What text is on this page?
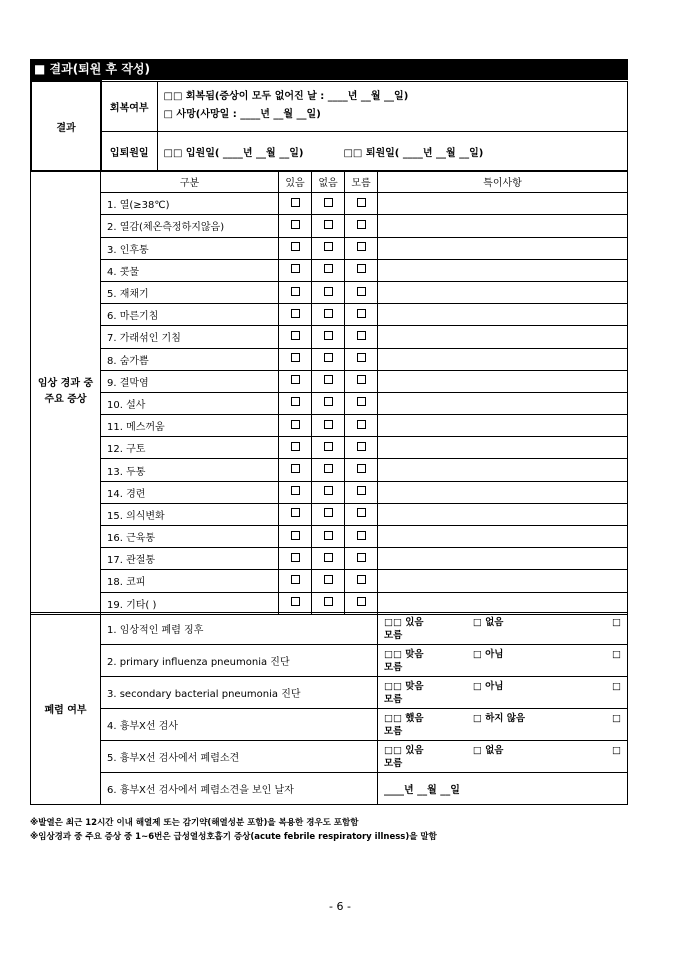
■ 결과(퇴원 후 작성)
결과	회복여부	□□ 회복됨(증상이 모두 없어진 날 : ____년 __월 __일)
□ 사망(사망일 : ____년 __월 __일)

	입퇴원일	□□ 입원일( ____년 __월 __일) □□ 퇴원일( ____년 __월 __일)
임상 경과 중 주요 증상	구분	있음	없음	모름	특이사항
	1. 열(≥38℃)				
	2. 열감(체온측정하지않음)				
	3. 인후통				
	4. 콧물				
	5. 재채기				
	6. 마른기침				
	7. 가래섞인 기침				
	8. 숨가쁨				
	9. 결막염				
	10. 설사				
	11. 메스꺼움				
	12. 구토				
	13. 두통				
	14. 경련				
	15. 의식변화				
	16. 근육통				
	17. 관절통				
	18. 코피				
	19. 기타( )				
폐렴 여부	1. 임상적인 폐렴 징후	□□ 있음 □ 없음 □
모름

	2. primary influenza pneumonia 진단	□□ 맞음 □ 아님 □
모름

	3. secondary bacterial pneumonia 진단	□□ 맞음 □ 아님 □
모름

	4. 흉부X선 검사	□□ 했음 □ 하지 않음 □
모름

	5. 흉부X선 검사에서 폐렴소견	□□ 있음 □ 없음 □
모름

	6. 흉부X선 검사에서 폐렴소견을 보인 날자	____년 __월 __일
※발열은 최근 12시간 이내 해열제 또는 감기약(해열성분 포함)을 복용한 경우도 포함함
※임상경과 중 주요 증상 중 1~6번은 급성열성호흡기 증상(acute febrile respiratory illness)을 말함
- 6 -
